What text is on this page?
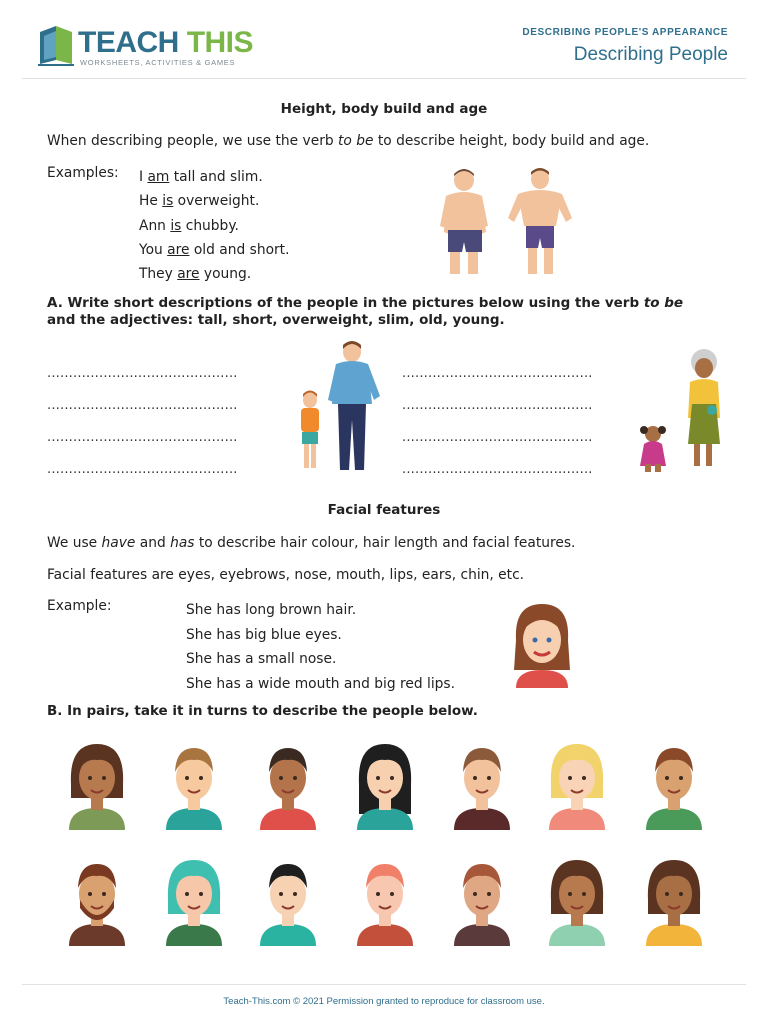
TEACH THIS
WORKSHEETS, ACTIVITIES & GAMES
DESCRIBING PEOPLE'S APPEARANCE
Describing People
Height, body build and age
When describing people, we use the verb to be to describe height, body build and age.
Examples: I am tall and slim.
He is overweight.
Ann is chubby.
You are old and short.
They are young.
A. Write short descriptions of the people in the pictures below using the verb to be
and the adjectives: tall, short, overweight, slim, old, young.
............................................
............................................
............................................
............................................
............................................
............................................
............................................
............................................
Facial features
We use have and has to describe hair colour, hair length and facial features.
Facial features are eyes, eyebrows, nose, mouth, lips, ears, chin, etc.
Example:	She has long brown hair.
She has big blue eyes.
She has a small nose.
She has a wide mouth and big red lips.
B. In pairs, take it in turns to describe the people below.
Teach-This.com © 2021 Permission granted to reproduce for classroom use.
